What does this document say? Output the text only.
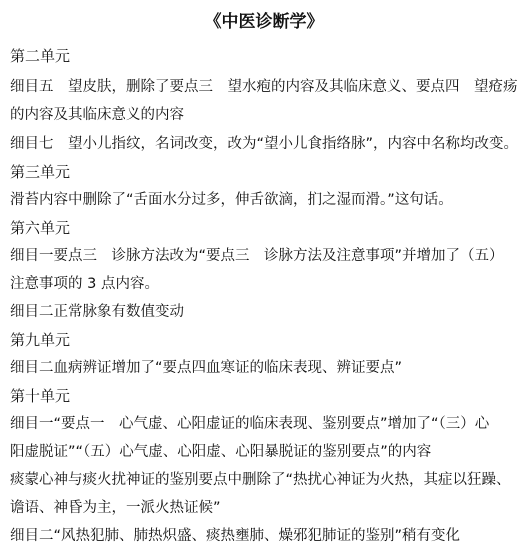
《中医诊断学》
第二单元
细目五　望皮肤，删除了要点三　望水疱的内容及其临床意义、要点四　望疮疡
的内容及其临床意义的内容
细目七　望小儿指纹，名词改变，改为“望小儿食指络脉”，内容中名称均改变。
第三单元
滑苔内容中删除了“舌面水分过多，伸舌欲滴，扪之湿而滑。”这句话。
第六单元
细目一要点三　诊脉方法改为“要点三　诊脉方法及注意事项”并增加了（五）
注意事项的 3 点内容。
细目二正常脉象有数值变动
第九单元
细目二血病辨证增加了“要点四血寒证的临床表现、辨证要点”
第十单元
细目一“要点一　心气虚、心阳虚证的临床表现、鉴别要点”增加了“（三）心
阳虚脱证”“（五）心气虚、心阳虚、心阳暴脱证的鉴别要点”的内容
痰蒙心神与痰火扰神证的鉴别要点中删除了“热扰心神证为火热，其症以狂躁、
谵语、神昏为主，一派火热证候”
细目二“风热犯肺、肺热炽盛、痰热壅肺、燥邪犯肺证的鉴别”稍有变化
